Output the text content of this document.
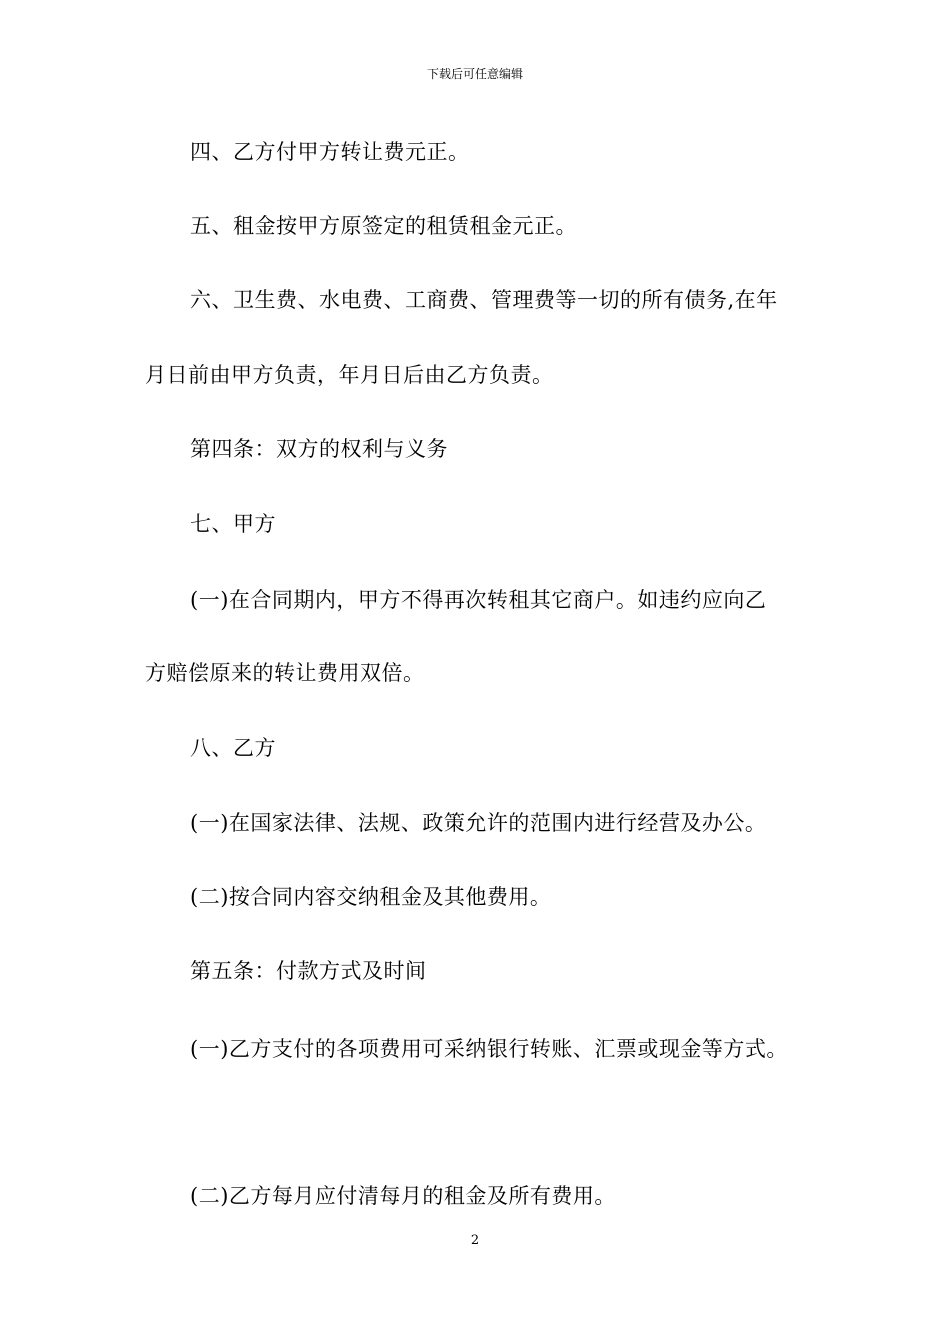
下载后可任意编辑
四、乙方付甲方转让费元正。
五、租金按甲方原签定的租赁租金元正。
六、卫生费、水电费、工商费、管理费等一切的所有债务,在年
月日前由甲方负责，年月日后由乙方负责。
第四条：双方的权利与义务
七、甲方
(一)在合同期内，甲方不得再次转租其它商户。如违约应向乙
方赔偿原来的转让费用双倍。
八、乙方
(一)在国家法律、法规、政策允许的范围内进行经营及办公。
(二)按合同内容交纳租金及其他费用。
第五条：付款方式及时间
(一)乙方支付的各项费用可采纳银行转账、汇票或现金等方式。
(二)乙方每月应付清每月的租金及所有费用。
2
